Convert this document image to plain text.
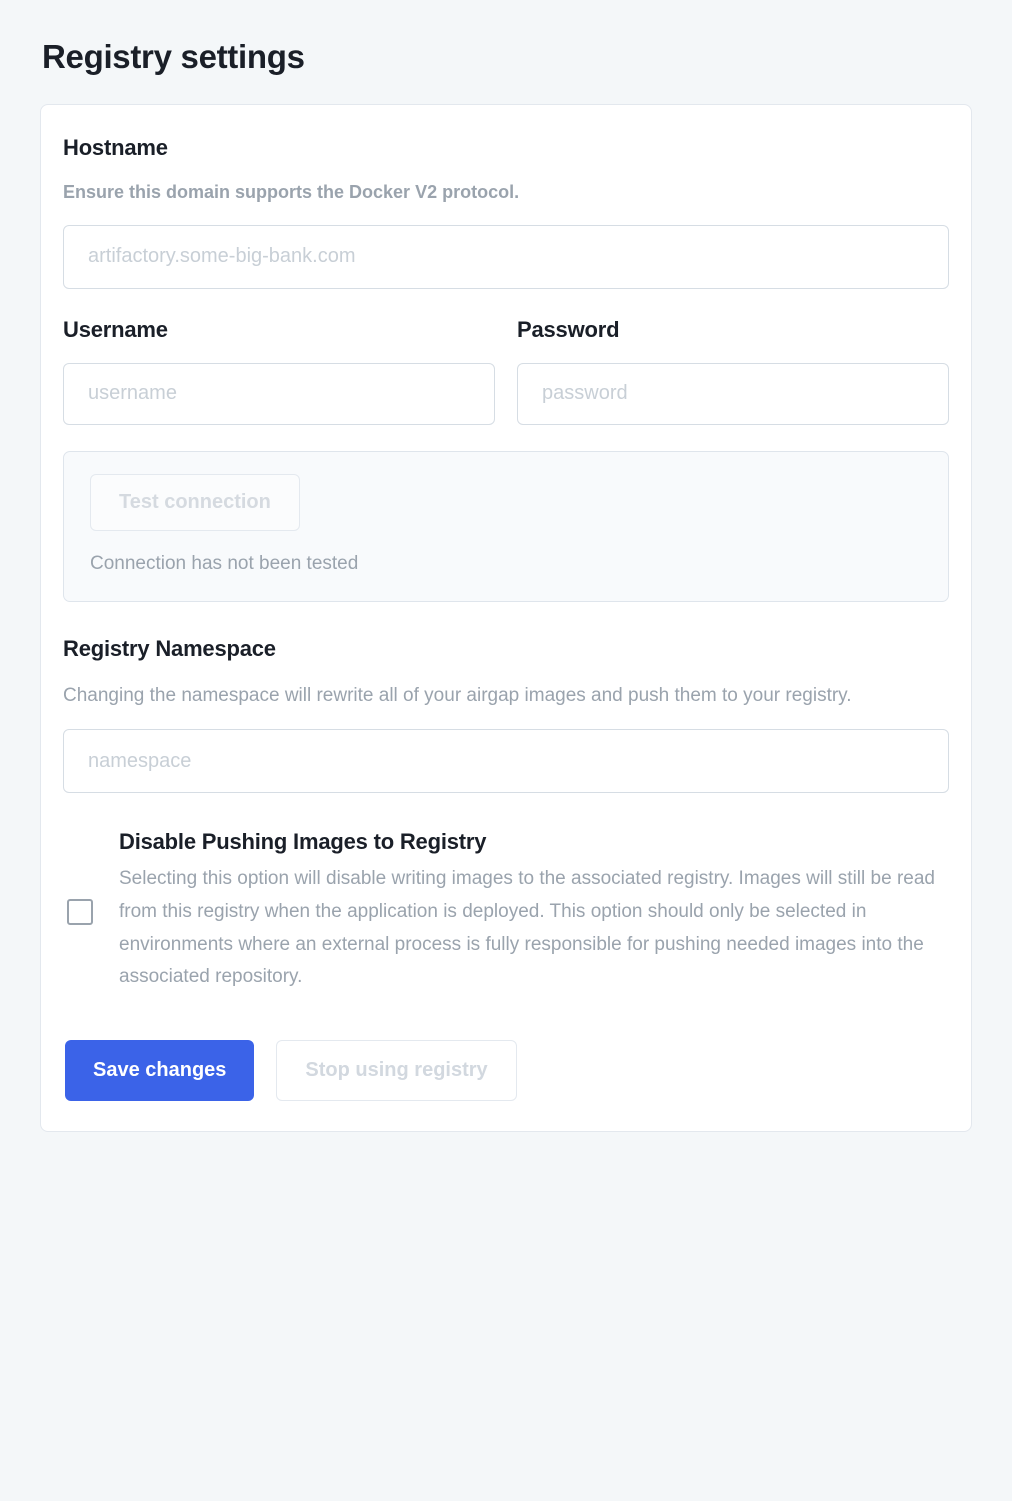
Registry settings
Hostname

Ensure this domain supports the Docker V2 protocol.

artifactory.some-big-bank.com
Username
username	Password
Test connection
Connection has not been tested
Registry Namespace

Changing the namespace will rewrite all of your airgap images and push them to your registry.

namespace
Disable Pushing Images to Registry
Selecting this option will disable writing images to the associated registry. Images will still be read from this registry when the application is deployed. This option should only be selected in environments where an external process is fully responsible for pushing needed images into the associated repository.
Save changes	Stop using registry
